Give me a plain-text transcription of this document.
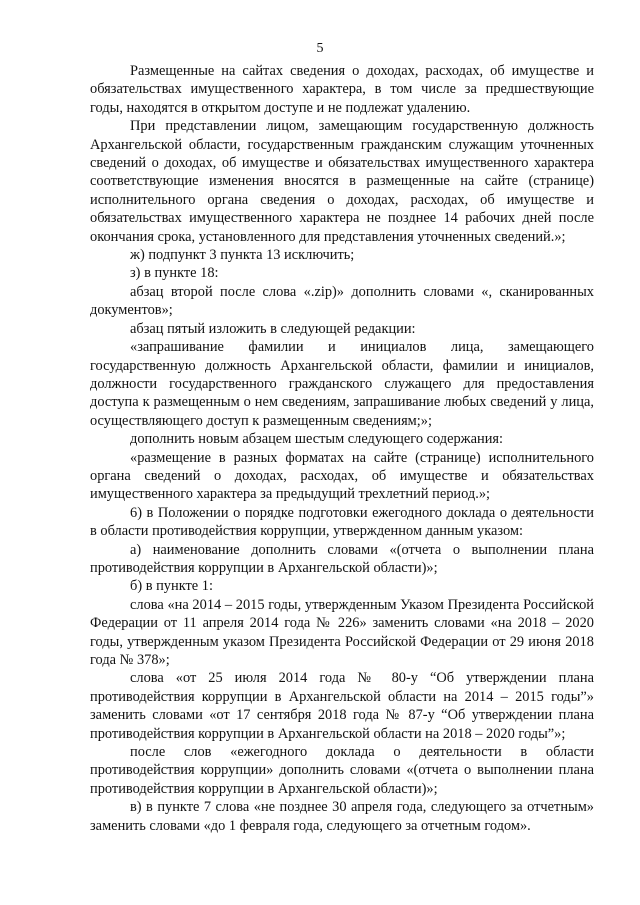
5

Размещенные на сайтах сведения о доходах, расходах, об имуществе и обязательствах имущественного характера, в том числе за предшествующие годы, находятся в открытом доступе и не подлежат удалению.

При представлении лицом, замещающим государственную должность Архангельской области, государственным гражданским служащим уточненных сведений о доходах, об имуществе и обязательствах имущественного характера соответствующие изменения вносятся в размещенные на сайте (странице) исполнительного органа сведения о доходах, расходах, об имуществе и обязательствах имущественного характера не позднее 14 рабочих дней после окончания срока, установленного для представления уточненных сведений.»;

ж) подпункт 3 пункта 13 исключить;

з) в пункте 18:

абзац второй после слова «.zip)» дополнить словами «, сканированных документов»;

абзац пятый изложить в следующей редакции:

«запрашивание фамилии и инициалов лица, замещающего государственную должность Архангельской области, фамилии и инициалов, должности государственного гражданского служащего для предоставления доступа к размещенным о нем сведениям, запрашивание любых сведений у лица, осуществляющего доступ к размещенным сведениям;»;

дополнить новым абзацем шестым следующего содержания:

«размещение в разных форматах на сайте (странице) исполнительного органа сведений о доходах, расходах, об имуществе и обязательствах имущественного характера за предыдущий трехлетний период.»;

6) в Положении о порядке подготовки ежегодного доклада о деятельности в области противодействия коррупции, утвержденном данным указом:

а) наименование дополнить словами «(отчета о выполнении плана противодействия коррупции в Архангельской области)»;

б) в пункте 1:

слова «на 2014 – 2015 годы, утвержденным Указом Президента Российской Федерации от 11 апреля 2014 года № 226» заменить словами «на 2018 – 2020 годы, утвержденным указом Президента Российской Федерации от 29 июня 2018 года № 378»;

слова «от 25 июля 2014 года № 80-у “Об утверждении плана противодействия коррупции в Архангельской области на 2014 – 2015 годы”» заменить словами «от 17 сентября 2018 года № 87-у “Об утверждении плана противодействия коррупции в Архангельской области на 2018 – 2020 годы”»;

после слов «ежегодного доклада о деятельности в области противодействия коррупции» дополнить словами «(отчета о выполнении плана противодействия коррупции в Архангельской области)»;

в) в пункте 7 слова «не позднее 30 апреля года, следующего за отчетным» заменить словами «до 1 февраля года, следующего за отчетным годом».
